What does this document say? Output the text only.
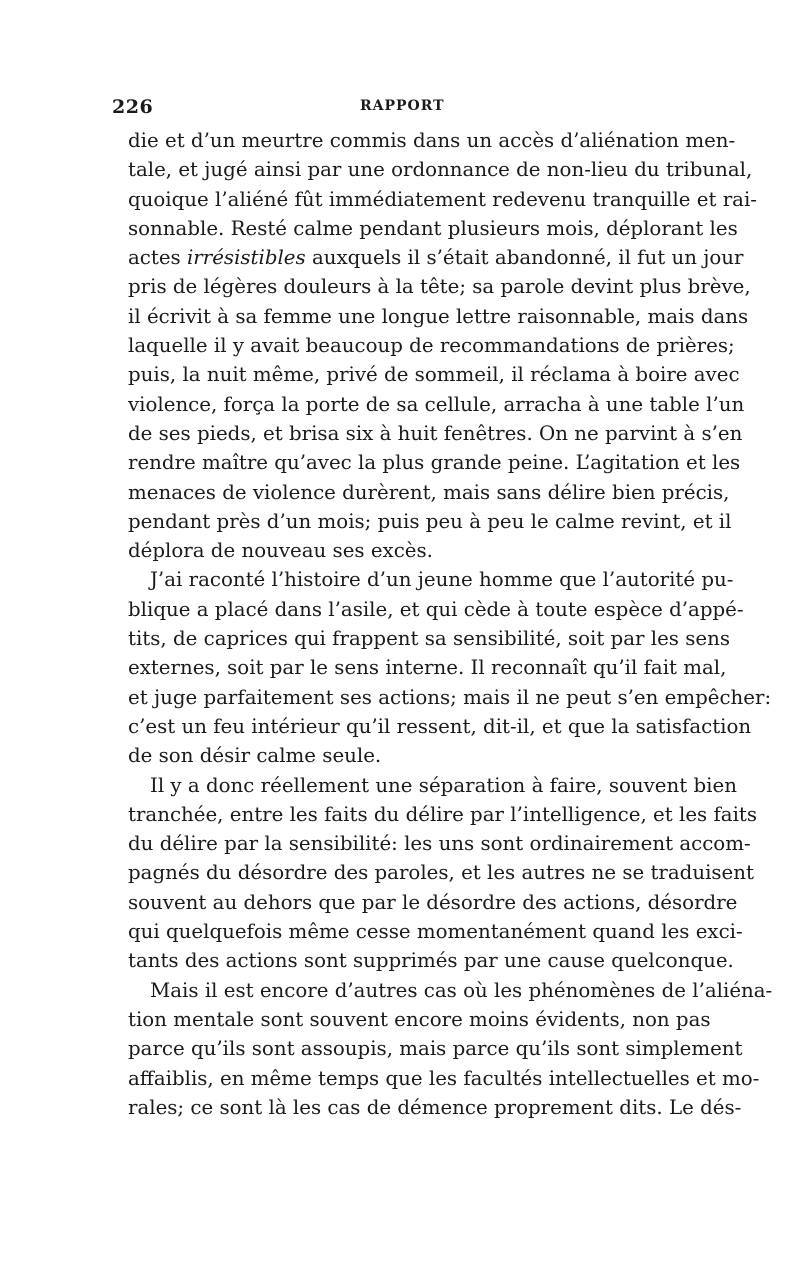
226	RAPPORT
die et d’un meurtre commis dans un accès d’aliénation men-
tale, et jugé ainsi par une ordonnance de non-lieu du tribunal,
quoique l’aliéné fût immédiatement redevenu tranquille et rai-
sonnable. Resté calme pendant plusieurs mois, déplorant les
actes irrésistibles auxquels il s’était abandonné, il fut un jour
pris de légères douleurs à la tête; sa parole devint plus brève,
il écrivit à sa femme une longue lettre raisonnable, mais dans
laquelle il y avait beaucoup de recommandations de prières;
puis, la nuit même, privé de sommeil, il réclama à boire avec
violence, força la porte de sa cellule, arracha à une table l’un
de ses pieds, et brisa six à huit fenêtres. On ne parvint à s’en
rendre maître qu’avec la plus grande peine. L’agitation et les
menaces de violence durèrent, mais sans délire bien précis,
pendant près d’un mois; puis peu à peu le calme revint, et il
déplora de nouveau ses excès.
J’ai raconté l’histoire d’un jeune homme que l’autorité pu-
blique a placé dans l’asile, et qui cède à toute espèce d’appé-
tits, de caprices qui frappent sa sensibilité, soit par les sens
externes, soit par le sens interne. Il reconnaît qu’il fait mal,
et juge parfaitement ses actions; mais il ne peut s’en empêcher:
c’est un feu intérieur qu’il ressent, dit-il, et que la satisfaction
de son désir calme seule.
Il y a donc réellement une séparation à faire, souvent bien
tranchée, entre les faits du délire par l’intelligence, et les faits
du délire par la sensibilité: les uns sont ordinairement accom-
pagnés du désordre des paroles, et les autres ne se traduisent
souvent au dehors que par le désordre des actions, désordre
qui quelquefois même cesse momentanément quand les exci-
tants des actions sont supprimés par une cause quelconque.
Mais il est encore d’autres cas où les phénomènes de l’aliéna-
tion mentale sont souvent encore moins évidents, non pas
parce qu’ils sont assoupis, mais parce qu’ils sont simplement
affaiblis, en même temps que les facultés intellectuelles et mo-
rales; ce sont là les cas de démence proprement dits. Le dés-
